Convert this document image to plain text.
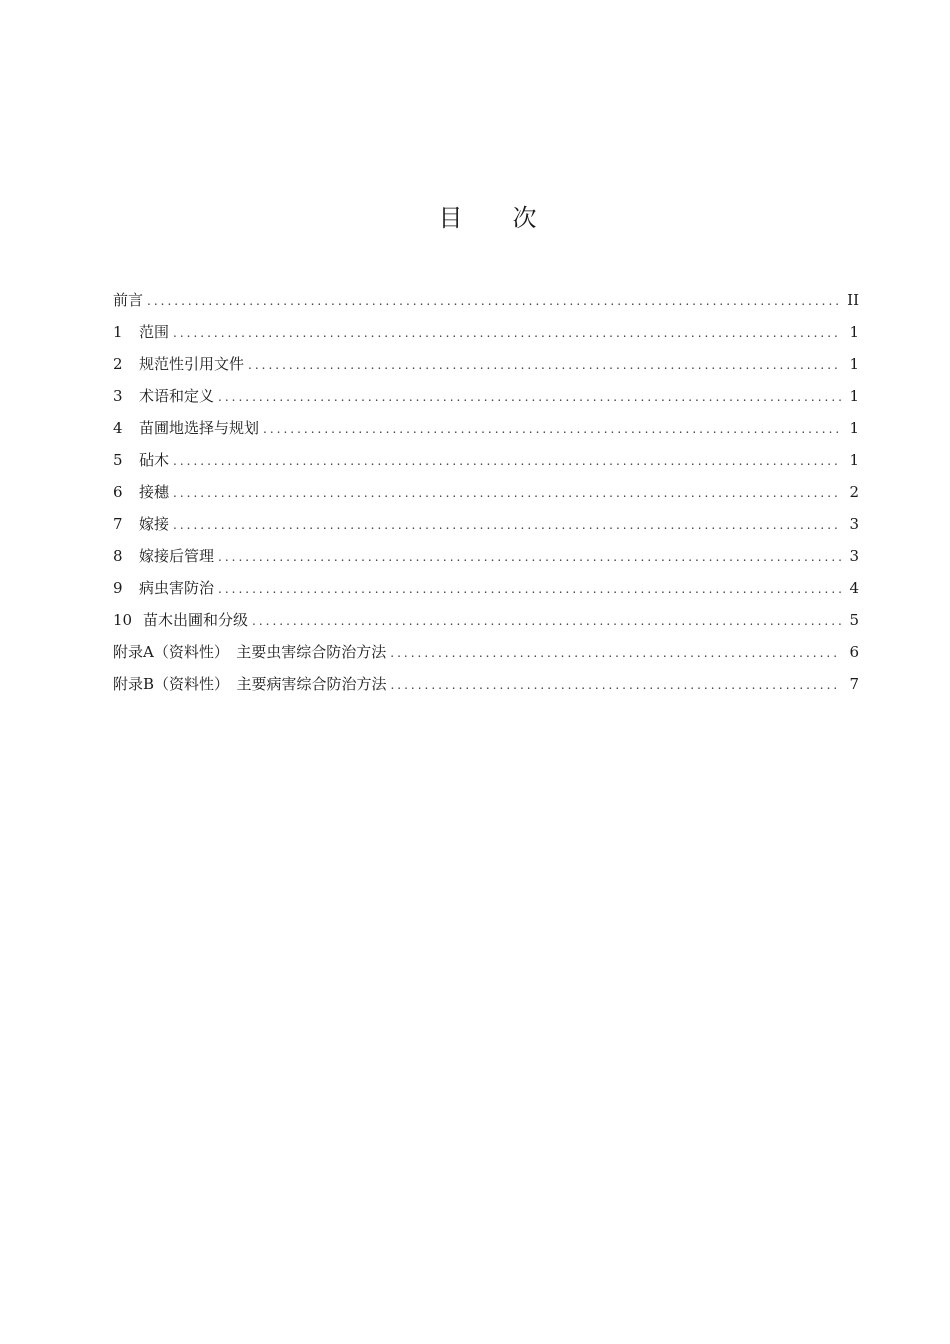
目 次
前言 .....	II
1	范围 .....	1
2	规范性引用文件 .....	1
3	术语和定义 .....	1
4	苗圃地选择与规划 .....	1
5	砧木 .....	1
6	接穗 .....	2
7	嫁接 .....	3
8	嫁接后管理 .....	3
9	病虫害防治 .....	4
10 苗木出圃和分级 .....	5
附录A（资料性） 主要虫害综合防治方法 .....	6
附录B（资料性） 主要病害综合防治方法 .....	7
